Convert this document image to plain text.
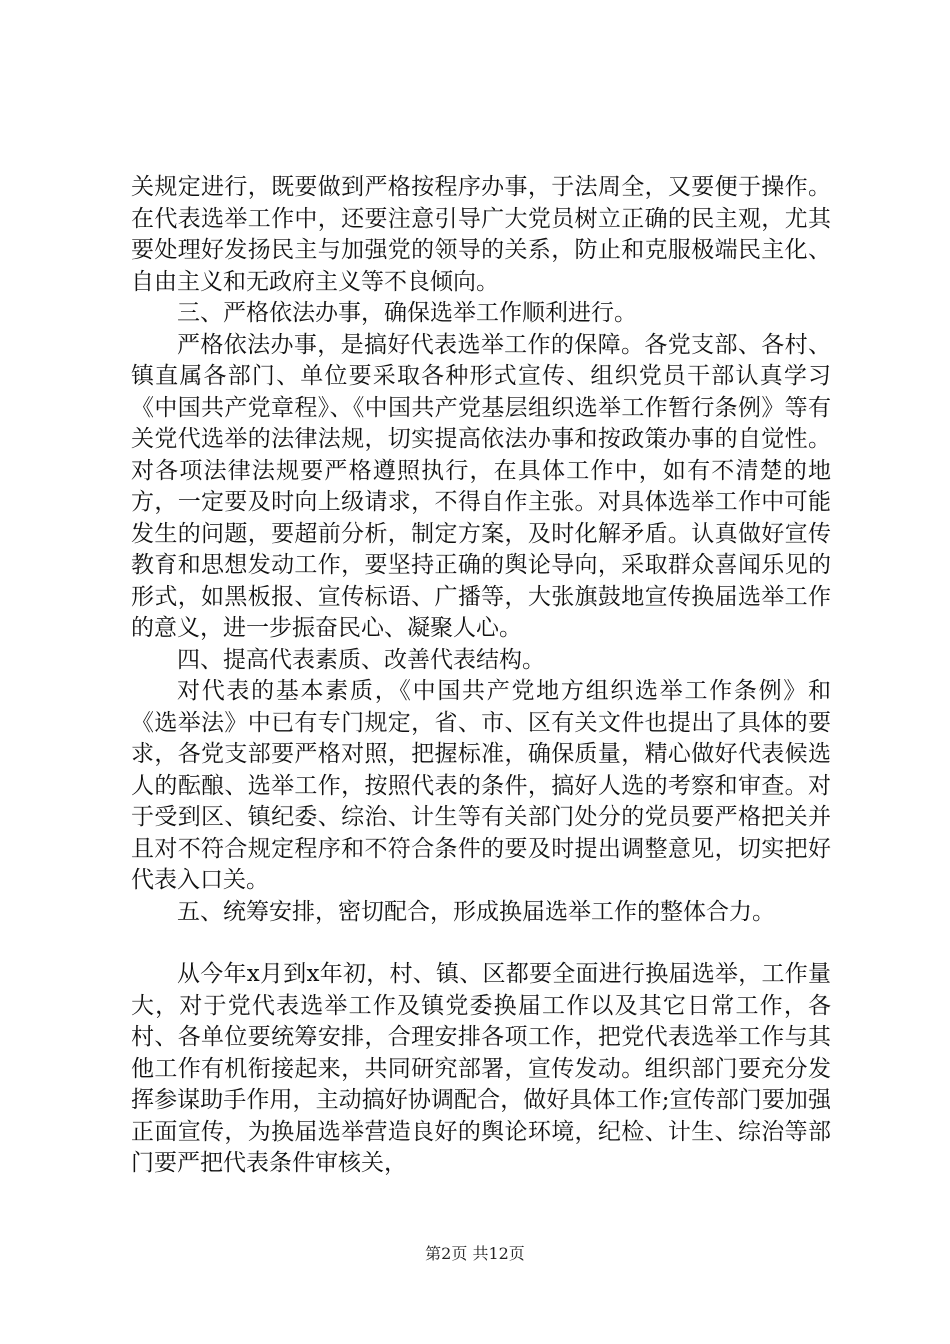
关规定进行，既要做到严格按程序办事，于法周全，又要便于操作。在代表选举工作中，还要注意引导广大党员树立正确的民主观，尤其要处理好发扬民主与加强党的领导的关系，防止和克服极端民主化、自由主义和无政府主义等不良倾向。

三、严格依法办事，确保选举工作顺利进行。

严格依法办事，是搞好代表选举工作的保障。各党支部、各村、镇直属各部门、单位要采取各种形式宣传、组织党员干部认真学习《中国共产党章程》、《中国共产党基层组织选举工作暂行条例》等有关党代选举的法律法规，切实提高依法办事和按政策办事的自觉性。对各项法律法规要严格遵照执行，在具体工作中，如有不清楚的地方，一定要及时向上级请求，不得自作主张。对具体选举工作中可能发生的问题，要超前分析，制定方案，及时化解矛盾。认真做好宣传教育和思想发动工作，要坚持正确的舆论导向，采取群众喜闻乐见的形式，如黑板报、宣传标语、广播等，大张旗鼓地宣传换届选举工作的意义，进一步振奋民心、凝聚人心。

四、提高代表素质、改善代表结构。

对代表的基本素质，《中国共产党地方组织选举工作条例》和《选举法》中已有专门规定，省、市、区有关文件也提出了具体的要求，各党支部要严格对照，把握标准，确保质量，精心做好代表候选人的酝酿、选举工作，按照代表的条件，搞好人选的考察和审查。对于受到区、镇纪委、综治、计生等有关部门处分的党员要严格把关并且对不符合规定程序和不符合条件的要及时提出调整意见，切实把好代表入口关。

五、统筹安排，密切配合，形成换届选举工作的整体合力。

从今年x月到x年初，村、镇、区都要全面进行换届选举，工作量大，对于党代表选举工作及镇党委换届工作以及其它日常工作，各村、各单位要统筹安排，合理安排各项工作，把党代表选举工作与其他工作有机衔接起来，共同研究部署，宣传发动。组织部门要充分发挥参谋助手作用，主动搞好协调配合，做好具体工作;宣传部门要加强正面宣传，为换届选举营造良好的舆论环境，纪检、计生、综治等部门要严把代表条件审核关，

第2页 共12页
